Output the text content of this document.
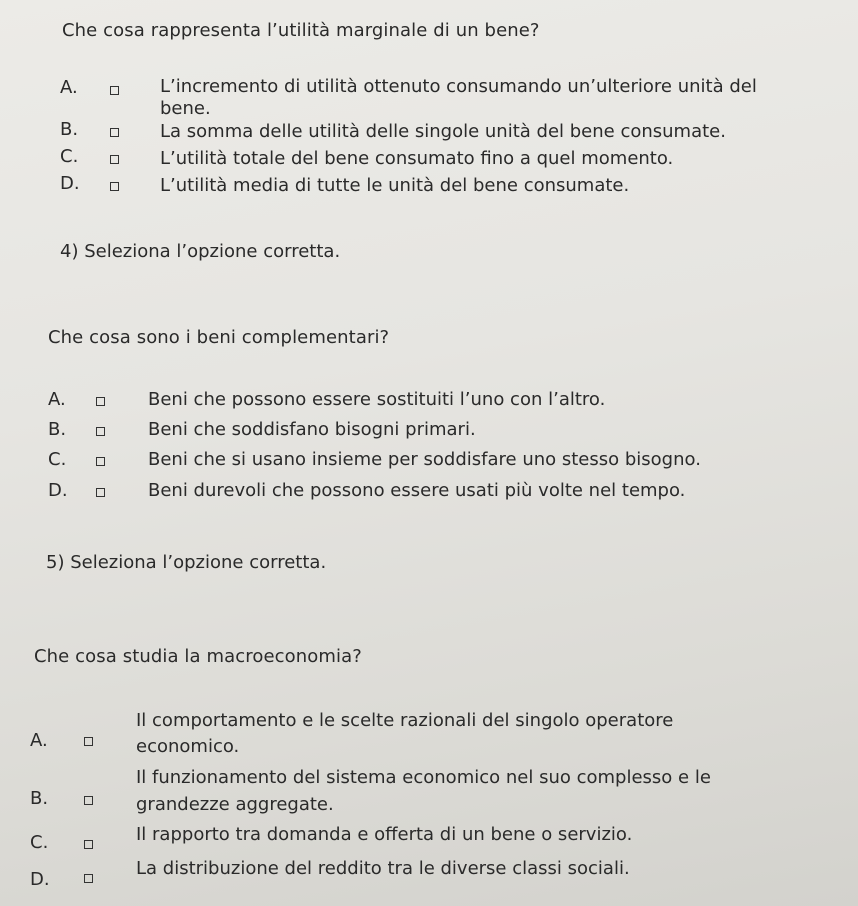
Che cosa rappresenta l’utilità marginale di un bene?
A.	L’incremento di utilità ottenuto consumando un’ulteriore unità del bene.
B.	La somma delle utilità delle singole unità del bene consumate.
C.	L’utilità totale del bene consumato fino a quel momento.
D.	L’utilità media di tutte le unità del bene consumate.
4) Seleziona l’opzione corretta.
Che cosa sono i beni complementari?
A.	Beni che possono essere sostituiti l’uno con l’altro.
B.	Beni che soddisfano bisogni primari.
C.	Beni che si usano insieme per soddisfare uno stesso bisogno.
D.	Beni durevoli che possono essere usati più volte nel tempo.
5) Seleziona l’opzione corretta.
Che cosa studia la macroeconomia?
A.
Il comportamento e le scelte razionali del singolo operatore economico.
B.
Il funzionamento del sistema economico nel suo complesso e le grandezze aggregate.
C.	Il rapporto tra domanda e offerta di un bene o servizio.
D.
La distribuzione del reddito tra le diverse classi sociali.
